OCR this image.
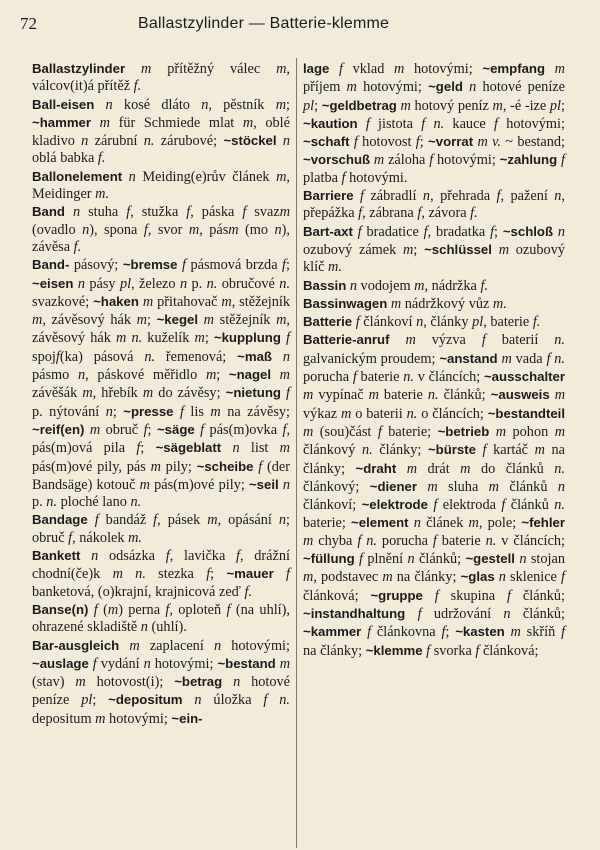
72	Ballastzylinder — Batterie-klemme

Ballastzylinder m přítěžný válec m, válcov(it)á přítěž f.

Ball-eisen n kosé dláto n, pěstník m; ~hammer m für Schmiede mlat m, oblé kladivo n zárubní n. zárubové; ~stöckel n oblá babka f.

Ballonelement n Meiding(e)rův článek m, Meidinger m.

Band n stuha f, stužka f, páska f svazm (ovadlo n), spona f, svor m, pásm (mo n), závěsa f.

Band- pásový; ~bremse f pásmová brzda f; ~eisen n pásy pl, železo n p. n. obručové n. svazkové; ~haken m přitahovač m, stěžejník m, závěsový hák m; ~kegel m stěžejník m, závěsový hák m n. kuželík m; ~kupplung f spojf(ka) pásová n. řemenová; ~maß n pásmo n, páskové měřidlo m; ~nagel m závěšák m, hřebík m do závěsy; ~nietung f p. nýtování n; ~presse f lis m na závěsy; ~reif(en) m obruč f; ~säge f pás(m)ovka f, pás(m)ová pila f; ~sägeblatt n list m pás(m)ové pily, pás m pily; ~scheibe f (der Bandsäge) kotouč m pás(m)ové pily; ~seil n p. n. ploché lano n.

Bandage f bandáž f, pásek m, opásání n; obruč f, nákolek m.

Bankett n odsázka f, lavička f, drážní chodní(če)k m n. stezka f; ~mauer f banketová, (o)krajní, krajnicová zeď f.

Banse(n) f (m) perna f, oploteň f (na uhlí), ohrazené skladiště n (uhlí).

Bar-ausgleich m zaplacení n hotovými; ~auslage f vydání n hotovými; ~bestand m (stav) m hotovost(i); ~betrag n hotové peníze pl; ~depositum n úložka f n. depositum m hotovými; ~ein-

lage f vklad m hotovými; ~empfang m příjem m hotovými; ~geld n hotové peníze pl; ~geldbetrag m hotový peníz m, -é -ize pl; ~kaution f jistota f n. kauce f hotovými; ~schaft f hotovost f; ~vorrat m v. ~ bestand; ~vorschuß m záloha f hotovými; ~zahlung f platba f hotovými.

Barriere f zábradlí n, přehrada f, pažení n, přepážka f, zábrana f, závora f.

Bart-axt f bradatice f, bradatka f; ~schloß n ozubový zámek m; ~schlüssel m ozubový klíč m.

Bassin n vodojem m, nádržka f.

Bassinwagen m nádržkový vůz m.

Batterie f článkoví n, články pl, baterie f.

Batterie-anruf m výzva f baterií n. galvanickým proudem; ~anstand m vada f n. porucha f baterie n. v článcích; ~ausschalter m vypínač m baterie n. článků; ~ausweis m výkaz m o baterii n. o článcích; ~bestandteil m (sou)část f baterie; ~betrieb m pohon m článkový n. články; ~bürste f kartáč m na články; ~draht m drát m do článků n. článkový; ~diener m sluha m článků n článkoví; ~elektrode f elektroda f článků n. baterie; ~element n článek m, pole; ~fehler m chyba f n. porucha f baterie n. v článcích; ~füllung f plnění n článků; ~gestell n stojan m, podstavec m na články; ~glas n sklenice f článková; ~gruppe f skupina f článků; ~instandhaltung f udržování n článků; ~kammer f článkovna f; ~kasten m skříň f na články; ~klemme f svorka f článková;
